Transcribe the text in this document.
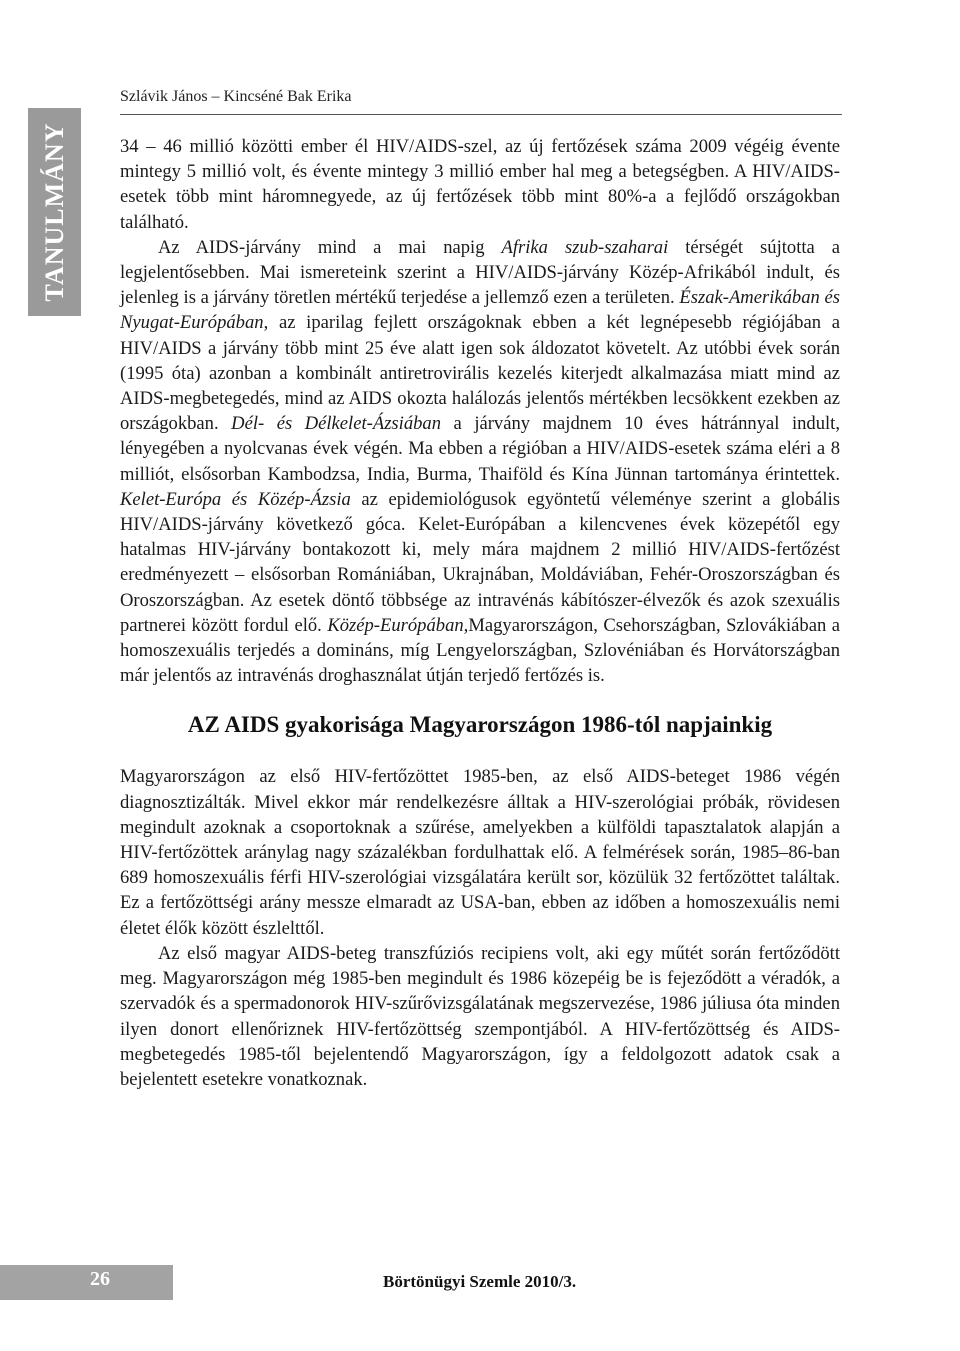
Szlávik János – Kincséné Bak Erika
TANULMÁNY	34 – 46 millió közötti ember él HIV/AIDS-szel, az új fertőzések száma 2009 végéig évente mintegy 5 millió volt, és évente mintegy 3 millió ember hal meg a betegségben. A HIV/AIDS-esetek több mint háromnegyede, az új fertőzések több mint 80%-a a fejlődő országokban található.

Az AIDS-járvány mind a mai napig Afrika szub-szaharai térségét sújtotta a legjelentősebben. Mai ismereteink szerint a HIV/AIDS-járvány Közép-Afrikából indult, és jelenleg is a járvány töretlen mértékű terjedése a jellemző ezen a területen. Észak-Amerikában és Nyugat-Európában, az iparilag fejlett országoknak ebben a két legnépesebb régiójában a HIV/AIDS a járvány több mint 25 éve alatt igen sok áldozatot követelt. Az utóbbi évek során (1995 óta) azonban a kombinált antiretrovirális kezelés kiterjedt alkalmazása miatt mind az AIDS-megbetegedés, mind az AIDS okozta halálozás jelentős mértékben lecsökkent ezekben az országokban. Dél- és Délkelet-Ázsiában a járvány majdnem 10 éves hátránnyal indult, lényegében a nyolcvanas évek végén. Ma ebben a régióban a HIV/AIDS-esetek száma eléri a 8 milliót, elsősorban Kambodzsa, India, Burma, Thaiföld és Kína Jünnan tartománya érintettek. Kelet-Európa és Közép-Ázsia az epidemiológusok egyöntetű véleménye szerint a globális HIV/AIDS-járvány következő góca. Kelet-Európában a kilencvenes évek közepétől egy hatalmas HIV-járvány bontakozott ki, mely mára majdnem 2 millió HIV/AIDS-fertőzést eredményezett – elsősorban Romániában, Ukrajnában, Moldáviában, Fehér-Oroszországban és Oroszországban. Az esetek döntő többsége az intravénás kábítószer-élvezők és azok szexuális partnerei között fordul elő. Közép-Európában,Magyarországon, Csehországban, Szlovákiában a homoszexuális terjedés a domináns, míg Lengyelországban, Szlovéniában és Horvátországban már jelentős az intravénás droghasználat útján terjedő fertőzés is.

AZ AIDS gyakorisága Magyarországon 1986-tól napjainkig

Magyarországon az első HIV-fertőzöttet 1985-ben, az első AIDS-beteget 1986 végén diagnosztizálták. Mivel ekkor már rendelkezésre álltak a HIV-szerológiai próbák, rövidesen megindult azoknak a csoportoknak a szűrése, amelyekben a külföldi tapasztalatok alapján a HIV-fertőzöttek aránylag nagy százalékban fordulhattak elő. A felmérések során, 1985–86-ban 689 homoszexuális férfi HIV-szerológiai vizsgálatára került sor, közülük 32 fertőzöttet találtak. Ez a fertőzöttségi arány messze elmaradt az USA-ban, ebben az időben a homoszexuális nemi életet élők között észlelttől.

Az első magyar AIDS-beteg transzfúziós recipiens volt, aki egy műtét során fertőződött meg. Magyarországon még 1985-ben megindult és 1986 közepéig be is fejeződött a véradók, a szervadók és a spermadonorok HIV-szűrővizsgálatának megszervezése, 1986 júliusa óta minden ilyen donort ellenőriznek HIV-fertőzöttség szempontjából. A HIV-fertőzöttség és AIDS-megbetegedés 1985-től bejelentendő Magyarországon, így a feldolgozott adatok csak a bejelentett esetekre vonatkoznak.

26	Börtönügyi Szemle 2010/3.
